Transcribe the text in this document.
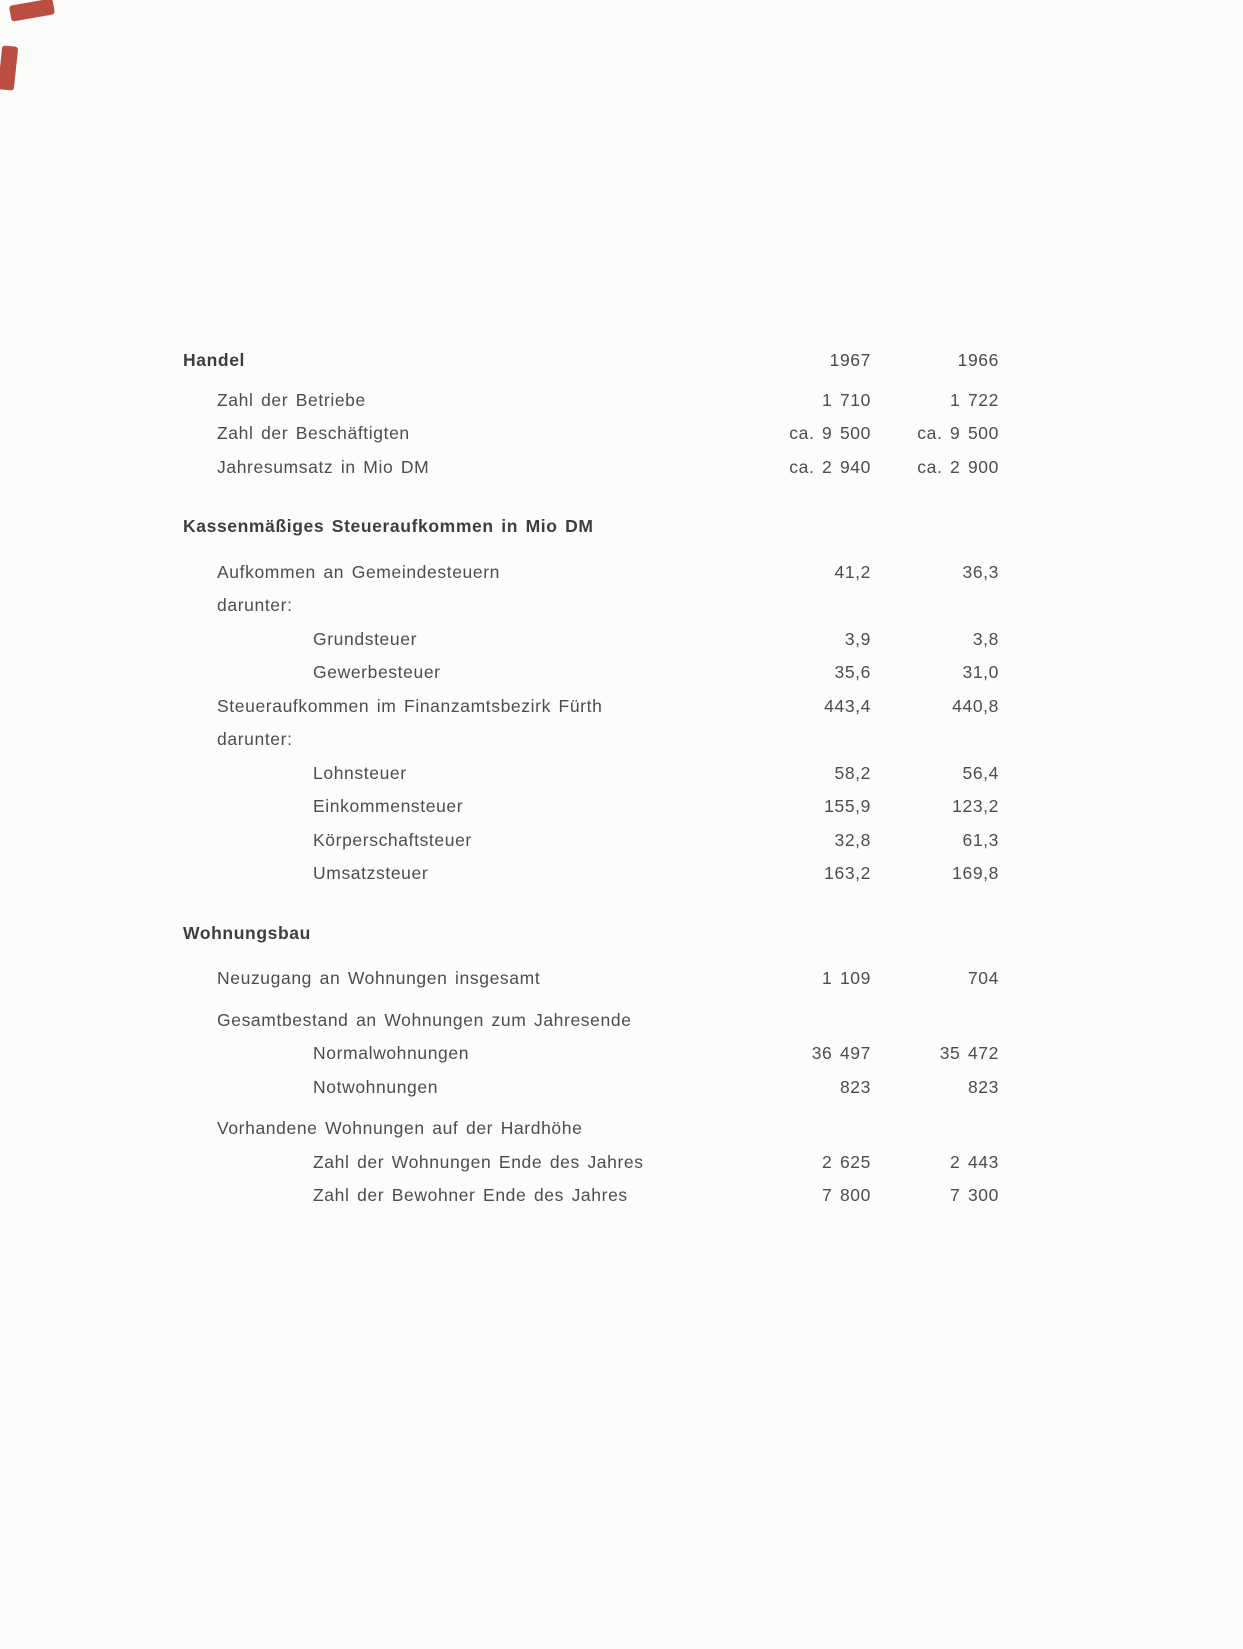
Handel	1967	1966
Zahl der Betriebe	1 710	1 722
Zahl der Beschäftigten	ca. 9 500	ca. 9 500
Jahresumsatz in Mio DM	ca. 2 940	ca. 2 900
Kassenmäßiges Steueraufkommen in Mio DM
Aufkommen an Gemeindesteuern	41,2	36,3
darunter:
Grundsteuer	3,9	3,8
Gewerbesteuer	35,6	31,0
Steueraufkommen im Finanzamtsbezirk Fürth	443,4	440,8
darunter:
Lohnsteuer	58,2	56,4
Einkommensteuer	155,9	123,2
Körperschaftsteuer	32,8	61,3
Umsatzsteuer	163,2	169,8
Wohnungsbau
Neuzugang an Wohnungen insgesamt	1 109	704
Gesamtbestand an Wohnungen zum Jahresende
Normalwohnungen	36 497	35 472
Notwohnungen	823	823
Vorhandene Wohnungen auf der Hardhöhe
Zahl der Wohnungen Ende des Jahres	2 625	2 443
Zahl der Bewohner Ende des Jahres	7 800	7 300
